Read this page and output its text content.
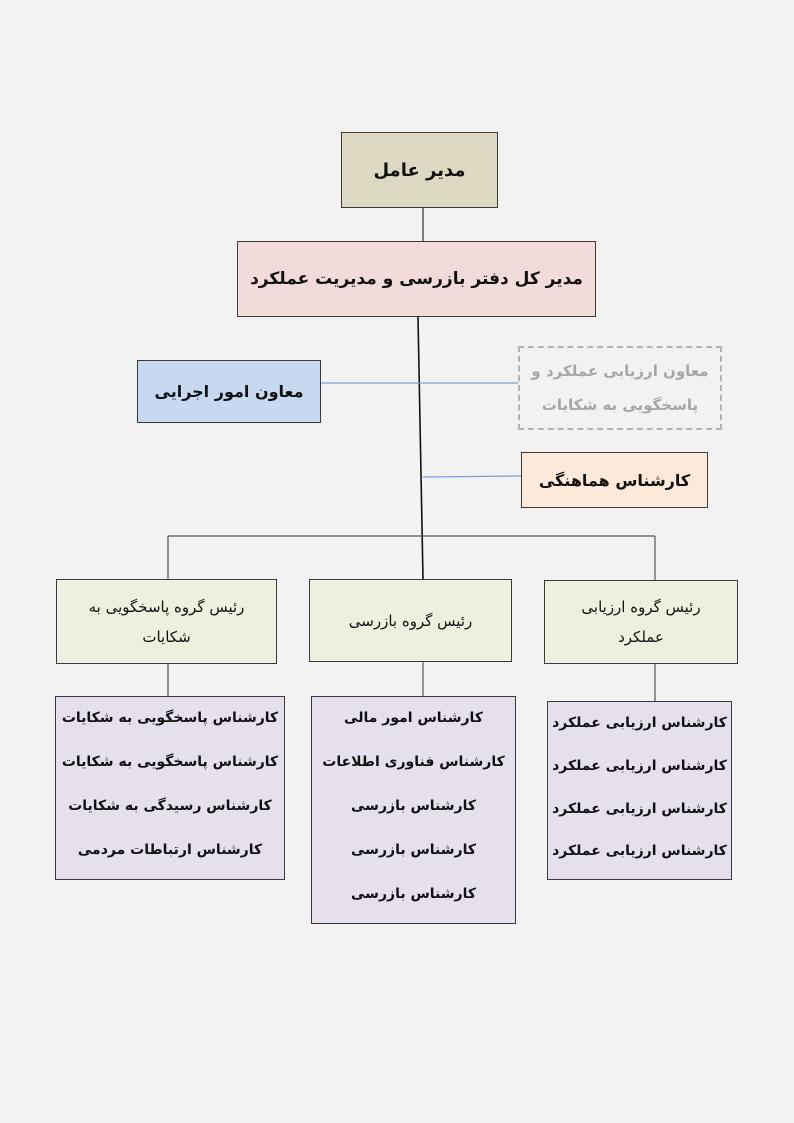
مدیر عامل
مدیر کل دفتر بازرسی و مدیریت عملکرد
معاون امور اجرایی
معاون ارزیابی عملکرد و پاسخگویی به شکایات
کارشناس هماهنگی
رئیس گروه ارزیابی عملکرد
رئیس گروه بازرسی
رئیس گروه پاسخگویی به شکایات
کارشناس ارزیابی عملکرد
کارشناس ارزیابی عملکرد
کارشناس ارزیابی عملکرد
کارشناس ارزیابی عملکرد
کارشناس امور مالی
کارشناس فناوری اطلاعات
کارشناس بازرسی
کارشناس بازرسی
کارشناس بازرسی
کارشناس پاسخگویی به شکایات
کارشناس پاسخگویی به شکایات
کارشناس رسیدگی به شکایات
کارشناس ارتباطات مردمی
